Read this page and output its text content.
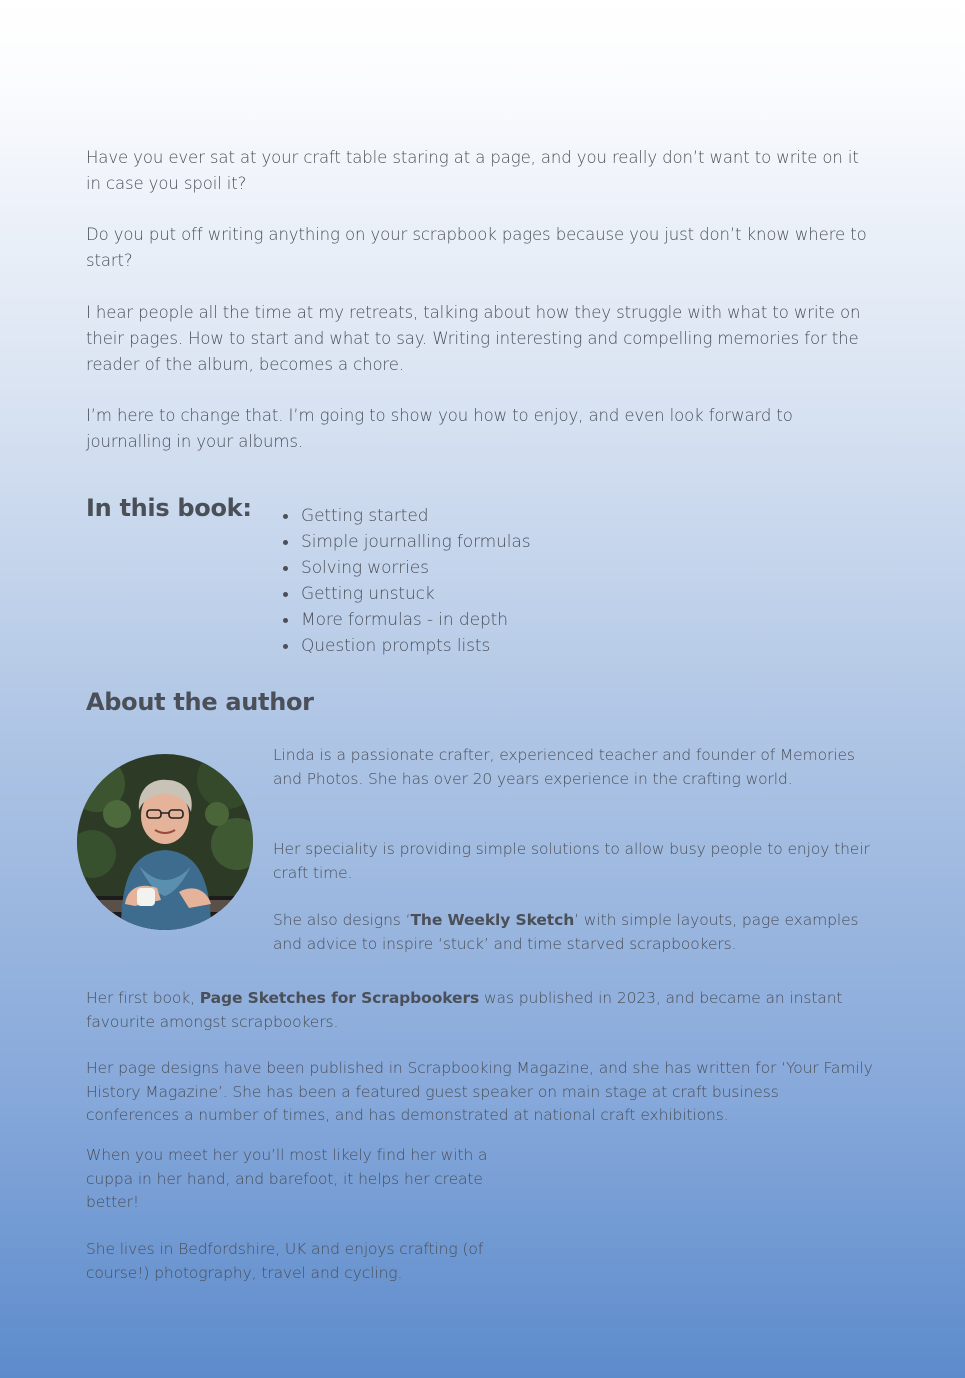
Have you ever sat at your craft table staring at a page, and you really don’t want to write on it in case you spoil it?

Do you put off writing anything on your scrapbook pages because you just don’t know where to start?

I hear people all the time at my retreats, talking about how they struggle with what to write on their pages. How to start and what to say. Writing interesting and compelling memories for the reader of the album, becomes a chore.

I’m here to change that. I’m going to show you how to enjoy, and even look forward to journalling in your albums.

In this book:	Getting started
Simple journalling formulas
Solving worries
Getting unstuck
More formulas - in depth
Question prompts lists
About the author

Linda is a passionate crafter, experienced teacher and founder of Memories and Photos. She has over 20 years experience in the crafting world.

Her speciality is providing simple solutions to allow busy people to enjoy their craft time.

She also designs ‘The Weekly Sketch’ with simple layouts, page examples and advice to inspire ‘stuck’ and time starved scrapbookers.

Her first book, Page Sketches for Scrapbookers was published in 2023, and became an instant favourite amongst scrapbookers.

Her page designs have been published in Scrapbooking Magazine, and she has written for ‘Your Family History Magazine’. She has been a featured guest speaker on main stage at craft business conferences a number of times, and has demonstrated at national craft exhibitions.

When you meet her you’ll most likely find her with a cuppa in her hand, and barefoot, it helps her create better!

She lives in Bedfordshire, UK and enjoys crafting (of course!) photography, travel and cycling.
